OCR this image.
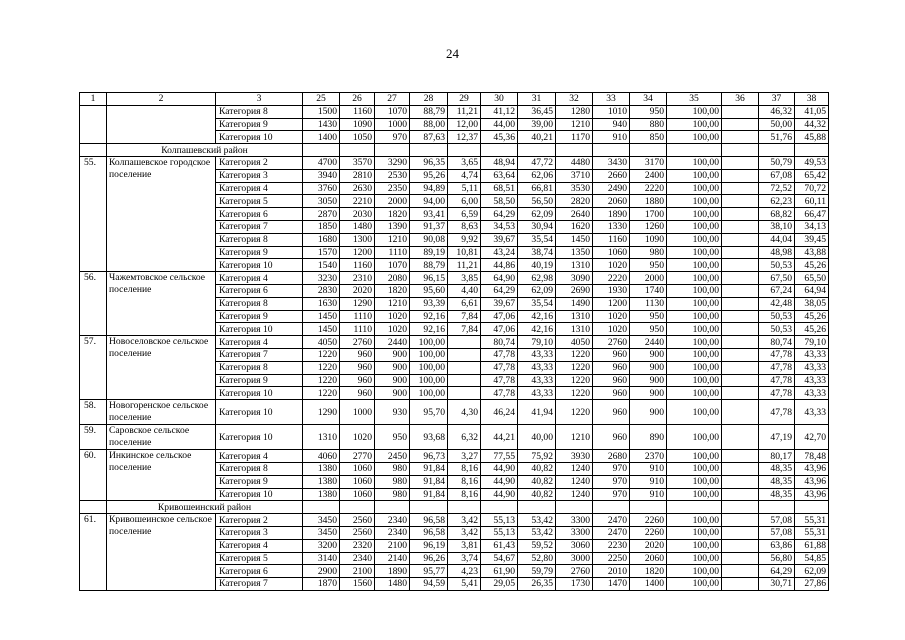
24
1	2	3	25	26	27	28	29	30	31	32	33	34	35	36	37	38
		Категория 8	1500	1160	1070	88,79	11,21	41,12	36,45	1280	1010	950	100,00		46,32	41,05
		Категория 9	1430	1090	1000	88,00	12,00	44,00	39,00	1210	940	880	100,00		50,00	44,32
		Категория 10	1400	1050	970	87,63	12,37	45,36	40,21	1170	910	850	100,00		51,76	45,88
	Колпашевский район															
55.	Колпашевское городское поселение	Категория 2	4700	3570	3290	96,35	3,65	48,94	47,72	4480	3430	3170	100,00		50,79	49,53
		Категория 3	3940	2810	2530	95,26	4,74	63,64	62,06	3710	2660	2400	100,00		67,08	65,42
		Категория 4	3760	2630	2350	94,89	5,11	68,51	66,81	3530	2490	2220	100,00		72,52	70,72
		Категория 5	3050	2210	2000	94,00	6,00	58,50	56,50	2820	2060	1880	100,00		62,23	60,11
		Категория 6	2870	2030	1820	93,41	6,59	64,29	62,09	2640	1890	1700	100,00		68,82	66,47
		Категория 7	1850	1480	1390	91,37	8,63	34,53	30,94	1620	1330	1260	100,00		38,10	34,13
		Категория 8	1680	1300	1210	90,08	9,92	39,67	35,54	1450	1160	1090	100,00		44,04	39,45
		Категория 9	1570	1200	1110	89,19	10,81	43,24	38,74	1350	1060	980	100,00		48,98	43,88
		Категория 10	1540	1160	1070	88,79	11,21	44,86	40,19	1310	1020	950	100,00		50,53	45,26
56.	Чажемтовское сельское поселение	Категория 4	3230	2310	2080	96,15	3,85	64,90	62,98	3090	2220	2000	100,00		67,50	65,50
		Категория 6	2830	2020	1820	95,60	4,40	64,29	62,09	2690	1930	1740	100,00		67,24	64,94
		Категория 8	1630	1290	1210	93,39	6,61	39,67	35,54	1490	1200	1130	100,00		42,48	38,05
		Категория 9	1450	1110	1020	92,16	7,84	47,06	42,16	1310	1020	950	100,00		50,53	45,26
		Категория 10	1450	1110	1020	92,16	7,84	47,06	42,16	1310	1020	950	100,00		50,53	45,26
57.	Новоселовское сельское поселение	Категория 4	4050	2760	2440	100,00		80,74	79,10	4050	2760	2440	100,00		80,74	79,10
		Категория 7	1220	960	900	100,00		47,78	43,33	1220	960	900	100,00		47,78	43,33
		Категория 8	1220	960	900	100,00		47,78	43,33	1220	960	900	100,00		47,78	43,33
		Категория 9	1220	960	900	100,00		47,78	43,33	1220	960	900	100,00		47,78	43,33
		Категория 10	1220	960	900	100,00		47,78	43,33	1220	960	900	100,00		47,78	43,33
58.	Новогоренское сельское поселение	Категория 10	1290	1000	930	95,70	4,30	46,24	41,94	1220	960	900	100,00		47,78	43,33
59.	Саровское сельское поселение	Категория 10	1310	1020	950	93,68	6,32	44,21	40,00	1210	960	890	100,00		47,19	42,70
60.	Инкинское сельское поселение	Категория 4	4060	2770	2450	96,73	3,27	77,55	75,92	3930	2680	2370	100,00		80,17	78,48
		Категория 8	1380	1060	980	91,84	8,16	44,90	40,82	1240	970	910	100,00		48,35	43,96
		Категория 9	1380	1060	980	91,84	8,16	44,90	40,82	1240	970	910	100,00		48,35	43,96
		Категория 10	1380	1060	980	91,84	8,16	44,90	40,82	1240	970	910	100,00		48,35	43,96
	Кривошеинский район															
61.	Кривошеинское сельское поселение	Категория 2	3450	2560	2340	96,58	3,42	55,13	53,42	3300	2470	2260	100,00		57,08	55,31
		Категория 3	3450	2560	2340	96,58	3,42	55,13	53,42	3300	2470	2260	100,00		57,08	55,31
		Категория 4	3200	2320	2100	96,19	3,81	61,43	59,52	3060	2230	2020	100,00		63,86	61,88
		Категория 5	3140	2340	2140	96,26	3,74	54,67	52,80	3000	2250	2060	100,00		56,80	54,85
		Категория 6	2900	2100	1890	95,77	4,23	61,90	59,79	2760	2010	1820	100,00		64,29	62,09
		Категория 7	1870	1560	1480	94,59	5,41	29,05	26,35	1730	1470	1400	100,00		30,71	27,86
